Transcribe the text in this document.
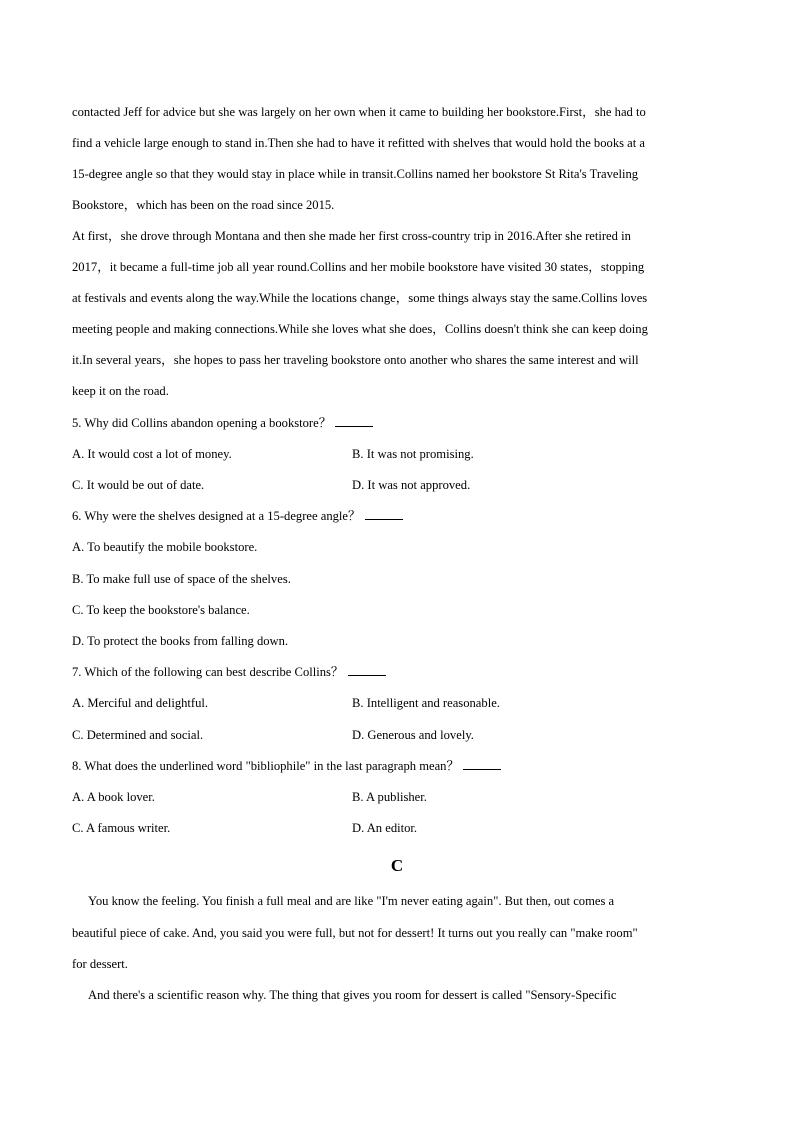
contacted Jeff for advice but she was largely on her own when it came to building her bookstore.First，she had to
find a vehicle large enough to stand in.Then she had to have it refitted with shelves that would hold the books at a
15-degree angle so that they would stay in place while in transit.Collins named her bookstore St Rita's Traveling
Bookstore，which has been on the road since 2015.
At first，she drove through Montana and then she made her first cross-country trip in 2016.After she retired in
2017，it became a full-time job all year round.Collins and her mobile bookstore have visited 30 states，stopping
at festivals and events along the way.While the locations change，some things always stay the same.Collins loves
meeting people and making connections.While she loves what she does，Collins doesn't think she can keep doing
it.In several years，she hopes to pass her traveling bookstore onto another who shares the same interest and will
keep it on the road.
5. Why did Collins abandon opening a bookstore？
A. It would cost a lot of money.	B. It was not promising.
C. It would be out of date.	D. It was not approved.
6. Why were the shelves designed at a 15-degree angle？
A. To beautify the mobile bookstore.
B. To make full use of space of the shelves.
C. To keep the bookstore's balance.
D. To protect the books from falling down.
7. Which of the following can best describe Collins？
A. Merciful and delightful.	B. Intelligent and reasonable.
C. Determined and social.	D. Generous and lovely.
8. What does the underlined word "bibliophile" in the last paragraph mean？
A. A book lover.	B. A publisher.
C. A famous writer.	D. An editor.
C
You know the feeling. You finish a full meal and are like "I'm never eating again". But then, out comes a
beautiful piece of cake. And, you said you were full, but not for dessert! It turns out you really can "make room"
for dessert.
And there's a scientific reason why. The thing that gives you room for dessert is called "Sensory-Specific
